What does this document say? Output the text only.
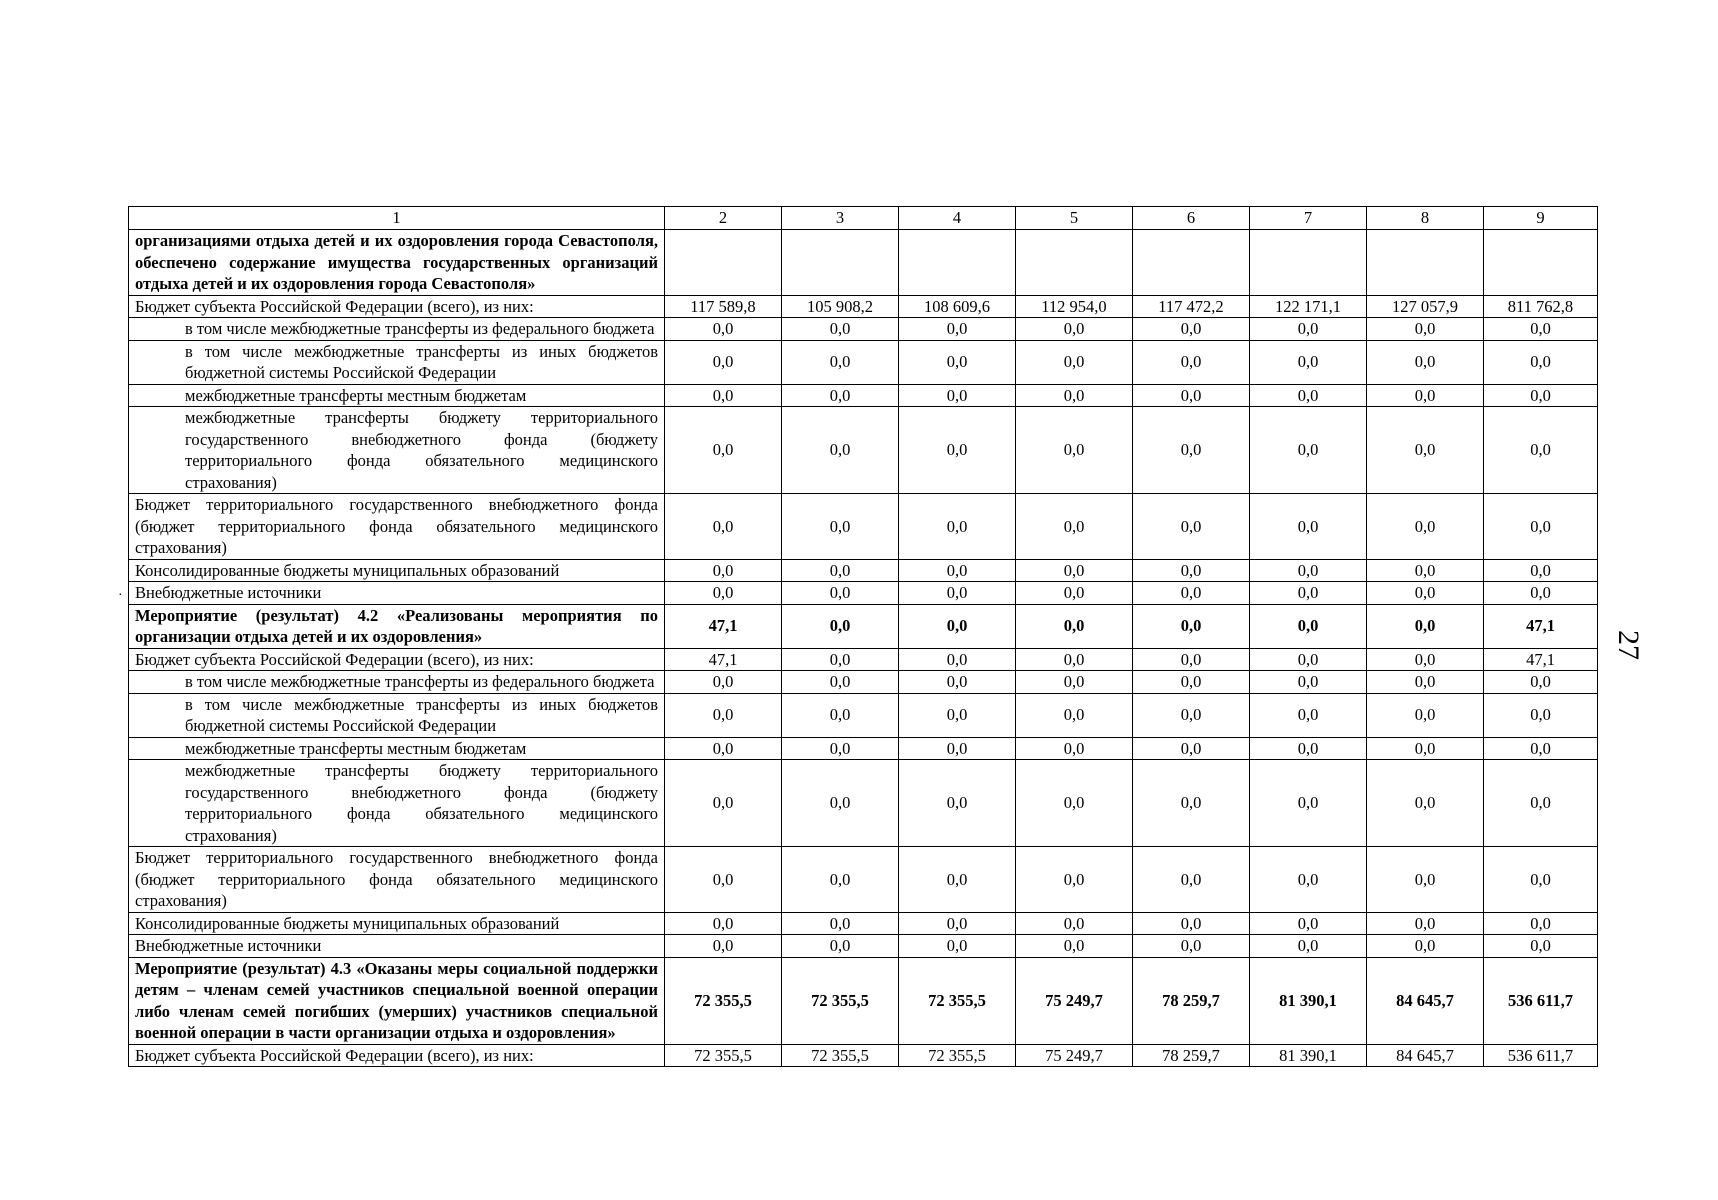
27
1	2	3	4	5	6	7	8	9
организациями отдыха детей и их оздоровления города Севастополя, обеспечено содержание имущества государственных организаций отдыха детей и их оздоровления города Севастополя»								
Бюджет субъекта Российской Федерации (всего), из них:	117 589,8	105 908,2	108 609,6	112 954,0	117 472,2	122 171,1	127 057,9	811 762,8
в том числе межбюджетные трансферты из федерального бюджета	0,0	0,0	0,0	0,0	0,0	0,0	0,0	0,0
в том числе межбюджетные трансферты из иных бюджетов бюджетной системы Российской Федерации	0,0	0,0	0,0	0,0	0,0	0,0	0,0	0,0
межбюджетные трансферты местным бюджетам	0,0	0,0	0,0	0,0	0,0	0,0	0,0	0,0
межбюджетные трансферты бюджету территориального государственного внебюджетного фонда (бюджету территориального фонда обязательного медицинского страхования)	0,0	0,0	0,0	0,0	0,0	0,0	0,0	0,0
Бюджет территориального государственного внебюджетного фонда (бюджет территориального фонда обязательного медицинского страхования)	0,0	0,0	0,0	0,0	0,0	0,0	0,0	0,0
Консолидированные бюджеты муниципальных образований	0,0	0,0	0,0	0,0	0,0	0,0	0,0	0,0
Внебюджетные источники	0,0	0,0	0,0	0,0	0,0	0,0	0,0	0,0
Мероприятие (результат) 4.2 «Реализованы мероприятия по организации отдыха детей и их оздоровления»	47,1	0,0	0,0	0,0	0,0	0,0	0,0	47,1
Бюджет субъекта Российской Федерации (всего), из них:	47,1	0,0	0,0	0,0	0,0	0,0	0,0	47,1
в том числе межбюджетные трансферты из федерального бюджета	0,0	0,0	0,0	0,0	0,0	0,0	0,0	0,0
в том числе межбюджетные трансферты из иных бюджетов бюджетной системы Российской Федерации	0,0	0,0	0,0	0,0	0,0	0,0	0,0	0,0
межбюджетные трансферты местным бюджетам	0,0	0,0	0,0	0,0	0,0	0,0	0,0	0,0
межбюджетные трансферты бюджету территориального государственного внебюджетного фонда (бюджету территориального фонда обязательного медицинского страхования)	0,0	0,0	0,0	0,0	0,0	0,0	0,0	0,0
Бюджет территориального государственного внебюджетного фонда (бюджет территориального фонда обязательного медицинского страхования)	0,0	0,0	0,0	0,0	0,0	0,0	0,0	0,0
Консолидированные бюджеты муниципальных образований	0,0	0,0	0,0	0,0	0,0	0,0	0,0	0,0
Внебюджетные источники	0,0	0,0	0,0	0,0	0,0	0,0	0,0	0,0
Мероприятие (результат) 4.3 «Оказаны меры социальной поддержки детям – членам семей участников специальной военной операции либо членам семей погибших (умерших) участников специальной военной операции в части организации отдыха и оздоровления»	72 355,5	72 355,5	72 355,5	75 249,7	78 259,7	81 390,1	84 645,7	536 611,7
Бюджет субъекта Российской Федерации (всего), из них:	72 355,5	72 355,5	72 355,5	75 249,7	78 259,7	81 390,1	84 645,7	536 611,7
·
